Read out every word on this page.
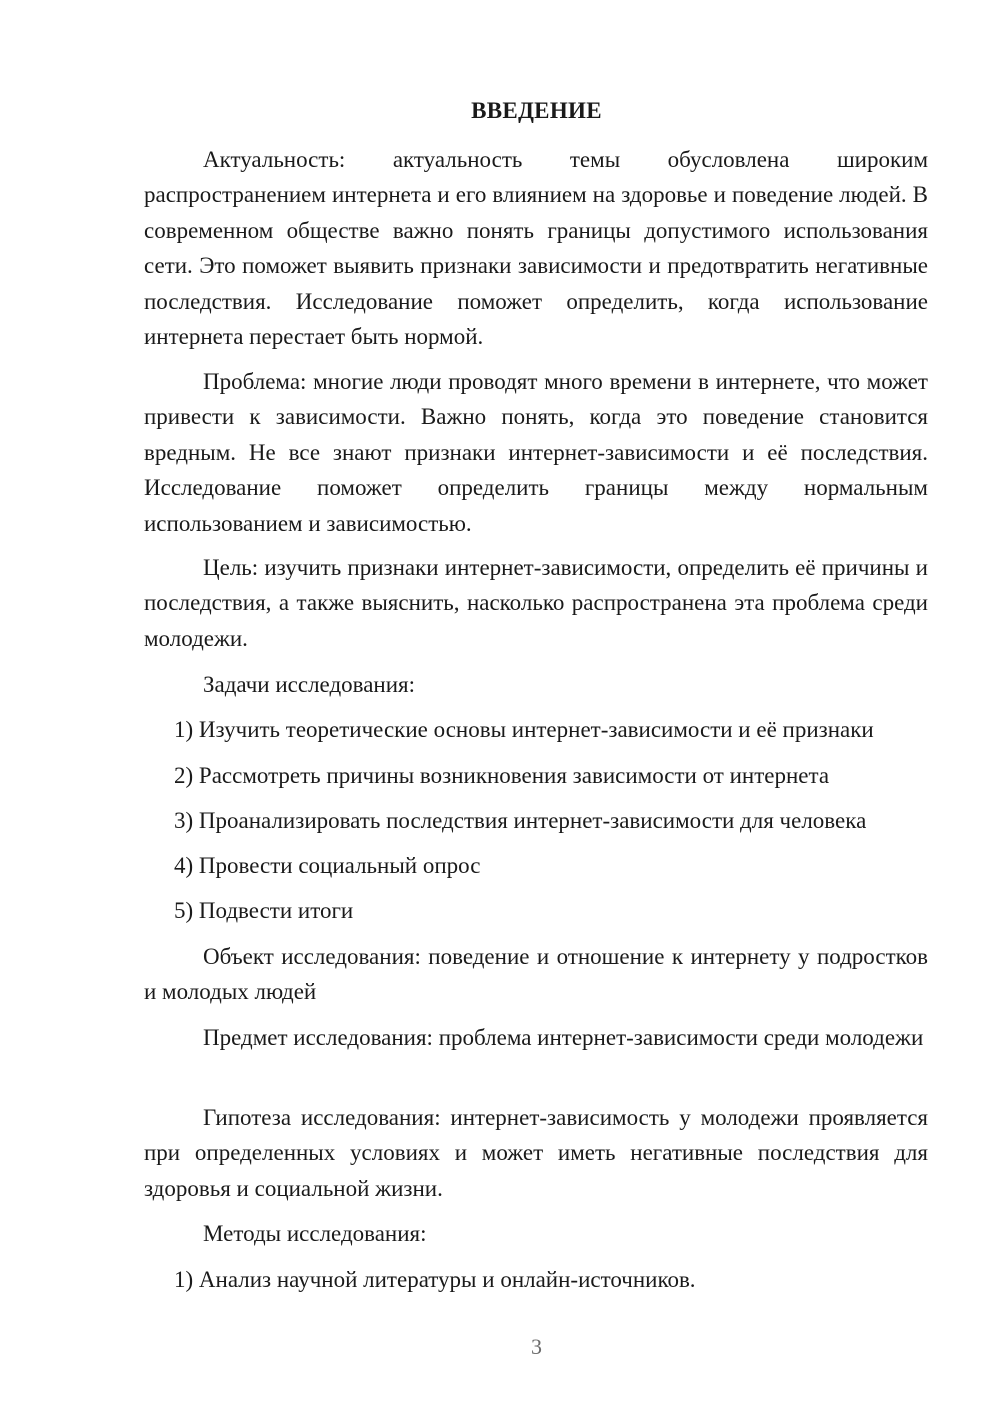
ВВЕДЕНИЕ

Актуальность: актуальность темы обусловлена широким распространением интернета и его влиянием на здоровье и поведение людей. В современном обществе важно понять границы допустимого использования сети. Это поможет выявить признаки зависимости и предотвратить негативные последствия. Исследование поможет определить, когда использование интернета перестает быть нормой.

Проблема: многие люди проводят много времени в интернете, что может привести к зависимости. Важно понять, когда это поведение становится вредным. Не все знают признаки интернет-зависимости и её последствия. Исследование поможет определить границы между нормальным использованием и зависимостью.

Цель: изучить признаки интернет-зависимости, определить её причины и последствия, а также выяснить, насколько распространена эта проблема среди молодежи.

Задачи исследования:

1) Изучить теоретические основы интернет-зависимости и её признаки

2) Рассмотреть причины возникновения зависимости от интернета

3) Проанализировать последствия интернет-зависимости для человека

4) Провести социальный опрос

5) Подвести итоги

Объект исследования: поведение и отношение к интернету у подростков и молодых людей

Предмет исследования: проблема интернет-зависимости среди молодежи

Гипотеза исследования: интернет-зависимость у молодежи проявляется при определенных условиях и может иметь негативные последствия для здоровья и социальной жизни.

Методы исследования:

1) Анализ научной литературы и онлайн-источников.

3
